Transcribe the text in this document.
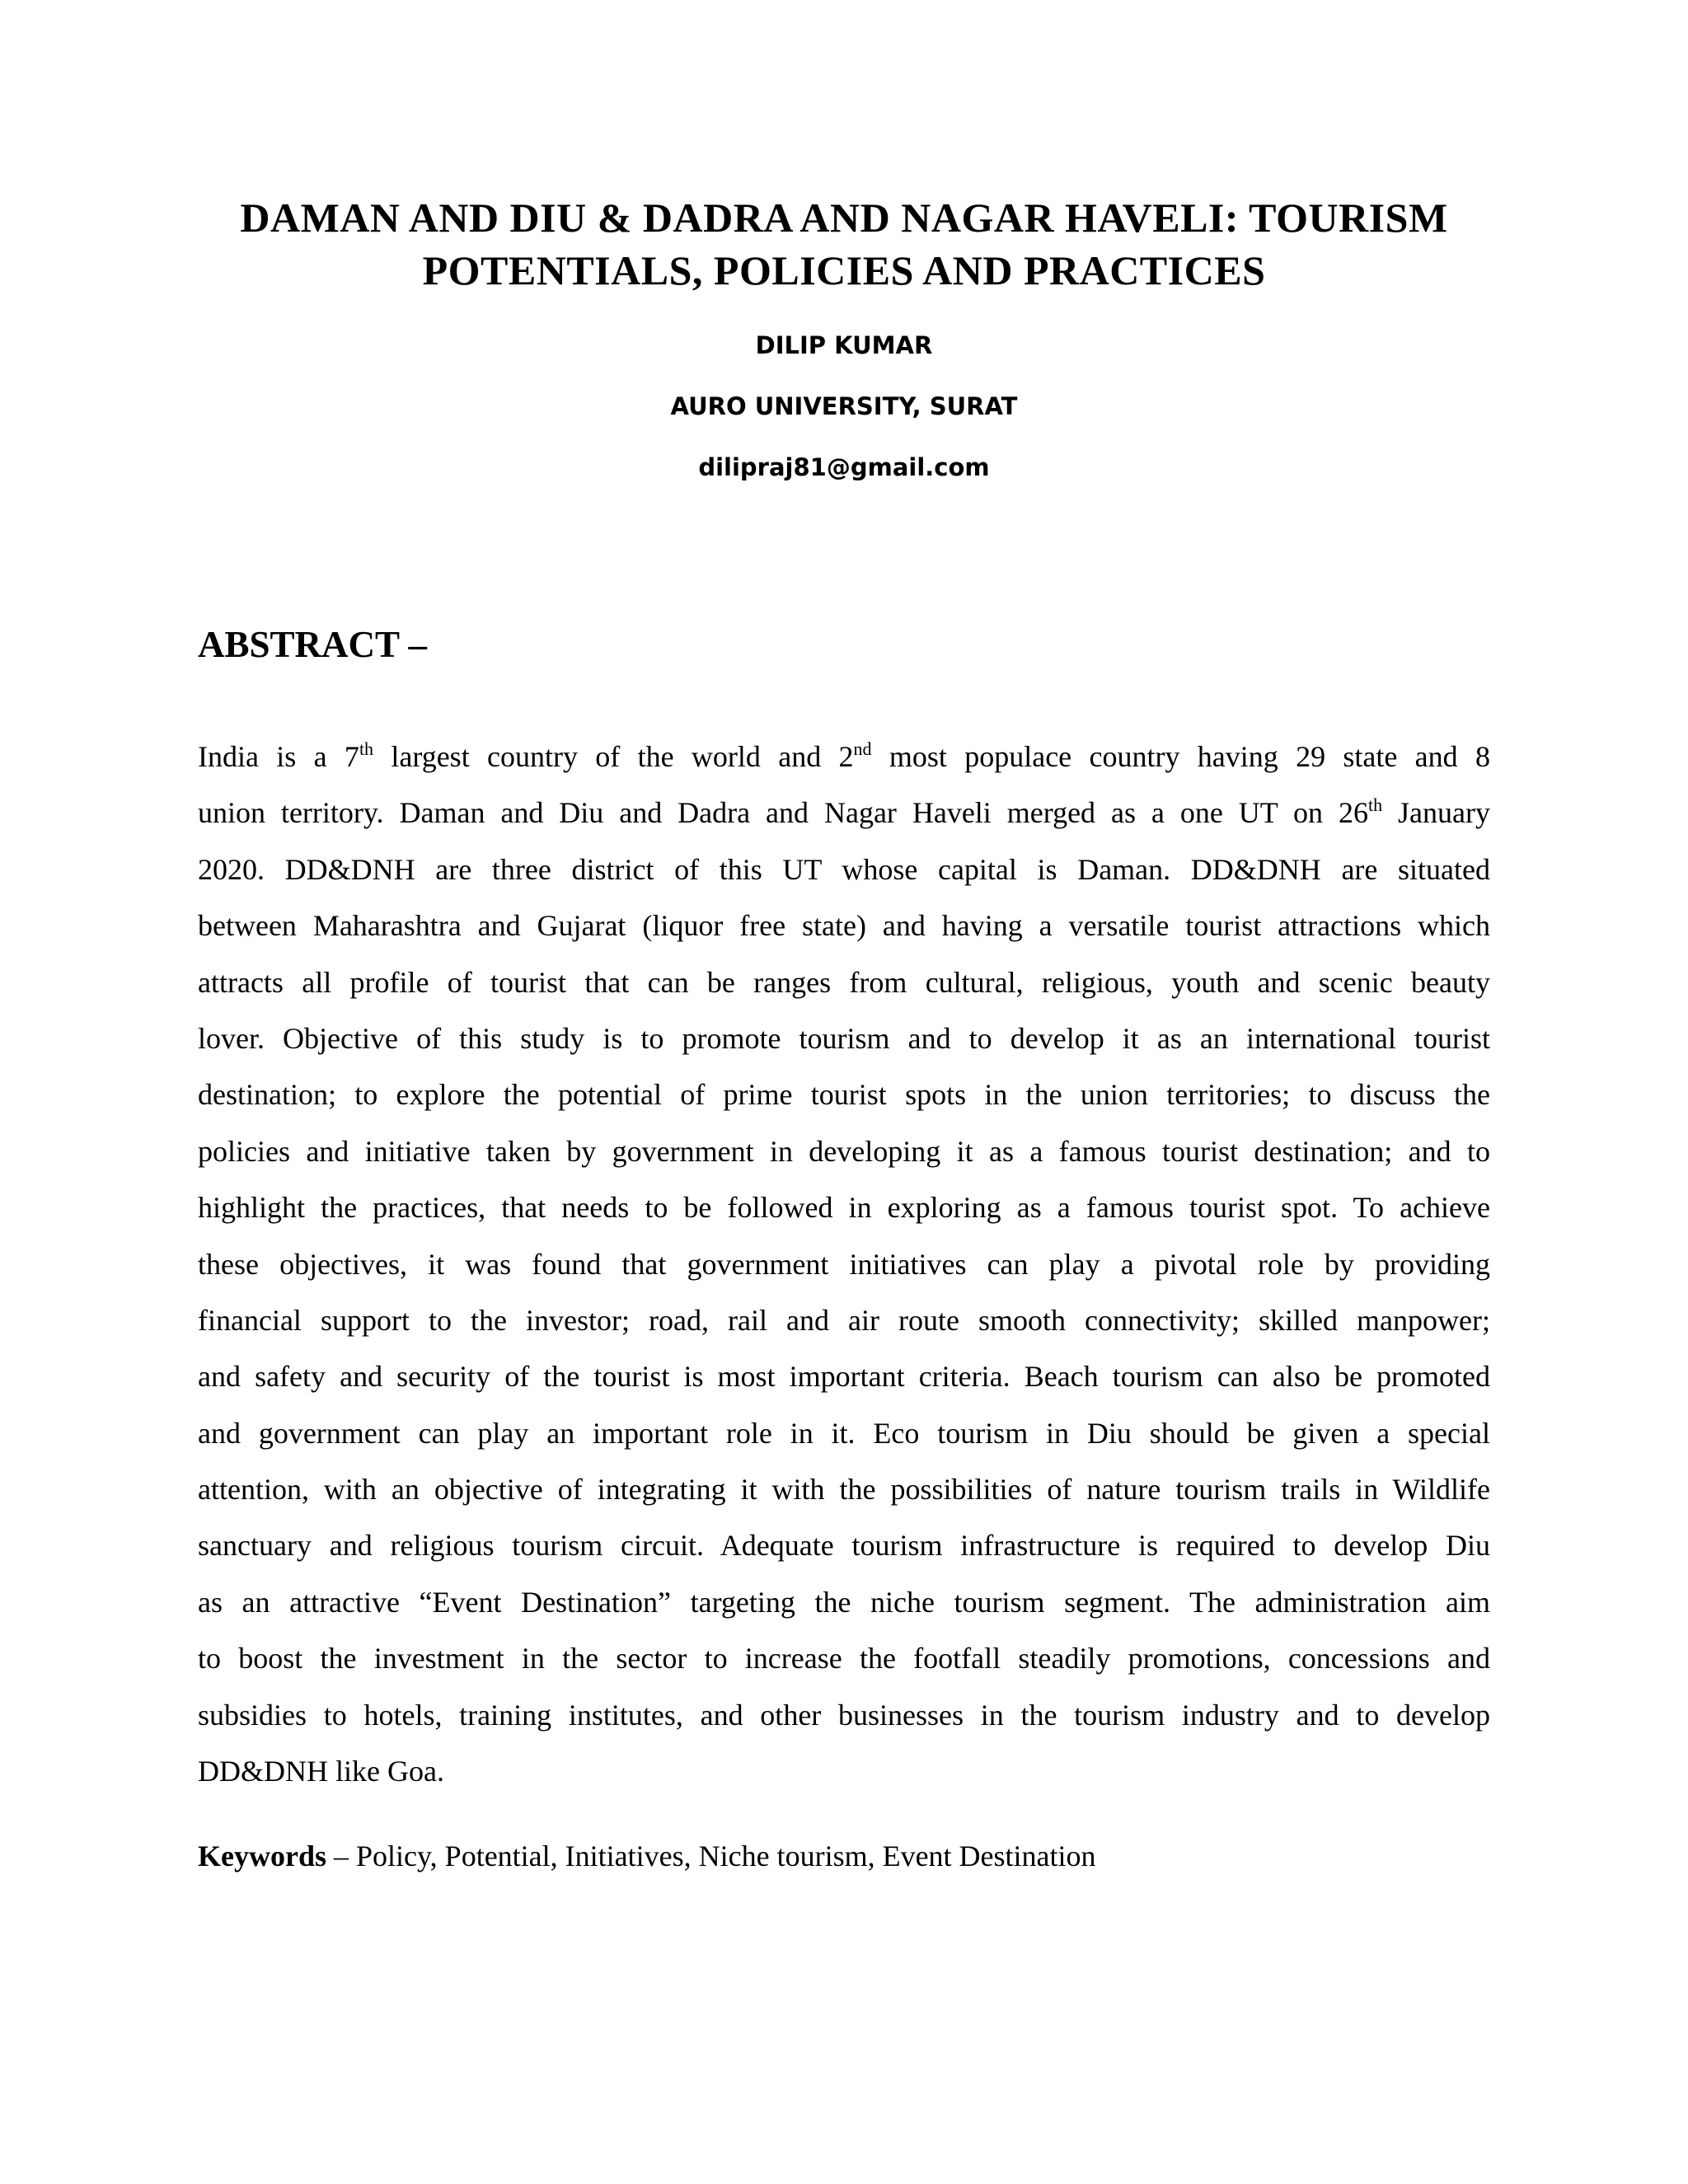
DAMAN AND DIU & DADRA AND NAGAR HAVELI: TOURISM
POTENTIALS, POLICIES AND PRACTICES
DILIP KUMAR
AURO UNIVERSITY, SURAT
dilipraj81@gmail.com
ABSTRACT –
India is a 7th largest country of the world and 2nd most populace country having 29 state and 8
union territory. Daman and Diu and Dadra and Nagar Haveli merged as a one UT on 26th January
2020. DD&DNH are three district of this UT whose capital is Daman. DD&DNH are situated
between Maharashtra and Gujarat (liquor free state) and having a versatile tourist attractions which
attracts all profile of tourist that can be ranges from cultural, religious, youth and scenic beauty
lover. Objective of this study is to promote tourism and to develop it as an international tourist
destination; to explore the potential of prime tourist spots in the union territories; to discuss the
policies and initiative taken by government in developing it as a famous tourist destination; and to
highlight the practices, that needs to be followed in exploring as a famous tourist spot. To achieve
these objectives, it was found that government initiatives can play a pivotal role by providing
financial support to the investor; road, rail and air route smooth connectivity; skilled manpower;
and safety and security of the tourist is most important criteria. Beach tourism can also be promoted
and government can play an important role in it. Eco tourism in Diu should be given a special
attention, with an objective of integrating it with the possibilities of nature tourism trails in Wildlife
sanctuary and religious tourism circuit. Adequate tourism infrastructure is required to develop Diu
as an attractive “Event Destination” targeting the niche tourism segment. The administration aim
to boost the investment in the sector to increase the footfall steadily promotions, concessions and
subsidies to hotels, training institutes, and other businesses in the tourism industry and to develop
DD&DNH like Goa.
Keywords – Policy, Potential, Initiatives, Niche tourism, Event Destination
